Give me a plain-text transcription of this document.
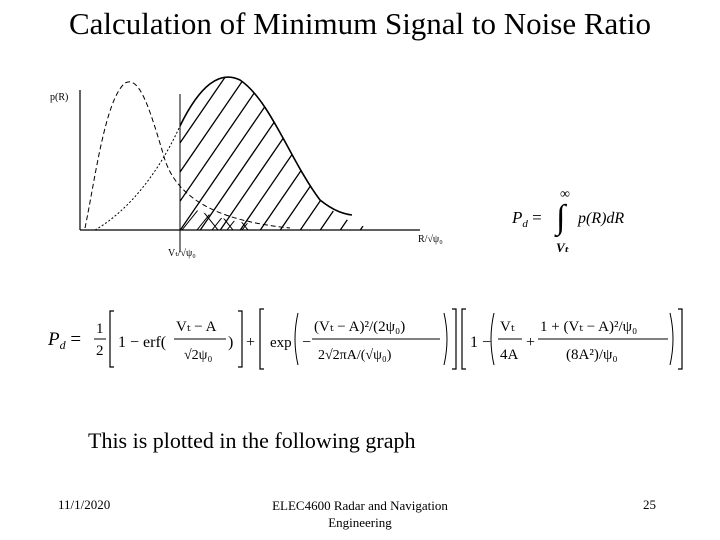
Calculation of Minimum Signal to Noise Ratio
p(R)
R/√ψ₀
Vₜ/√ψ₀
$P_d$ =
∞
∫ p(R)dR
Vₜ
$P_d = 1$
2 1 − erf(
Vₜ − A
√2ψ₀
) + exp −
(Vₜ − A)²/(2ψ₀)
2√2πA/(√ψ₀)
1 −
Vₜ
4A
+
1 + (Vₜ − A)²/ψ₀
(8A²)/ψ₀
This is plotted in the following graph
11/1/2020	ELEC4600 Radar and Navigation Engineering
25
